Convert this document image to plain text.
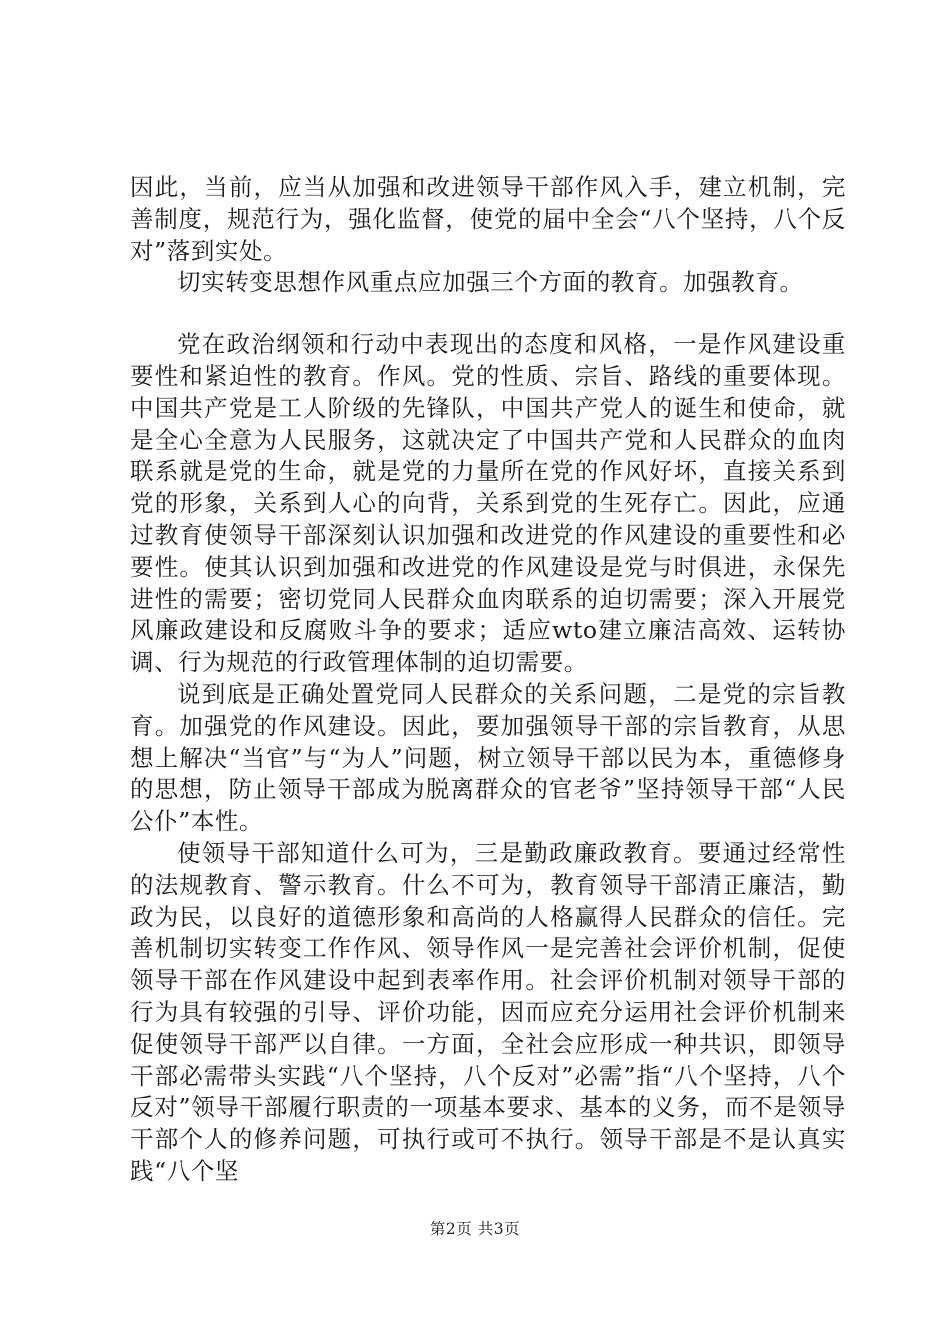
因此，当前，应当从加强和改进领导干部作风入手，建立机制，完善制度，规范行为，强化监督，使党的届中全会“八个坚持，八个反对”落到实处。

切实转变思想作风重点应加强三个方面的教育。加强教育。

党在政治纲领和行动中表现出的态度和风格，一是作风建设重要性和紧迫性的教育。作风。党的性质、宗旨、路线的重要体现。中国共产党是工人阶级的先锋队，中国共产党人的诞生和使命，就是全心全意为人民服务，这就决定了中国共产党和人民群众的血肉联系就是党的生命，就是党的力量所在党的作风好坏，直接关系到党的形象，关系到人心的向背，关系到党的生死存亡。因此，应通过教育使领导干部深刻认识加强和改进党的作风建设的重要性和必要性。使其认识到加强和改进党的作风建设是党与时俱进，永保先进性的需要；密切党同人民群众血肉联系的迫切需要；深入开展党风廉政建设和反腐败斗争的要求；适应wto建立廉洁高效、运转协调、行为规范的行政管理体制的迫切需要。

说到底是正确处置党同人民群众的关系问题，二是党的宗旨教育。加强党的作风建设。因此，要加强领导干部的宗旨教育，从思想上解决“当官”与“为人”问题，树立领导干部以民为本，重德修身的思想，防止领导干部成为脱离群众的官老爷”坚持领导干部“人民公仆”本性。

使领导干部知道什么可为，三是勤政廉政教育。要通过经常性的法规教育、警示教育。什么不可为，教育领导干部清正廉洁，勤政为民，以良好的道德形象和高尚的人格赢得人民群众的信任。完善机制切实转变工作作风、领导作风一是完善社会评价机制，促使领导干部在作风建设中起到表率作用。社会评价机制对领导干部的行为具有较强的引导、评价功能，因而应充分运用社会评价机制来促使领导干部严以自律。一方面，全社会应形成一种共识，即领导干部必需带头实践“八个坚持，八个反对”必需”指“八个坚持，八个反对”领导干部履行职责的一项基本要求、基本的义务，而不是领导干部个人的修养问题，可执行或可不执行。领导干部是不是认真实践“八个坚

第2页 共3页
